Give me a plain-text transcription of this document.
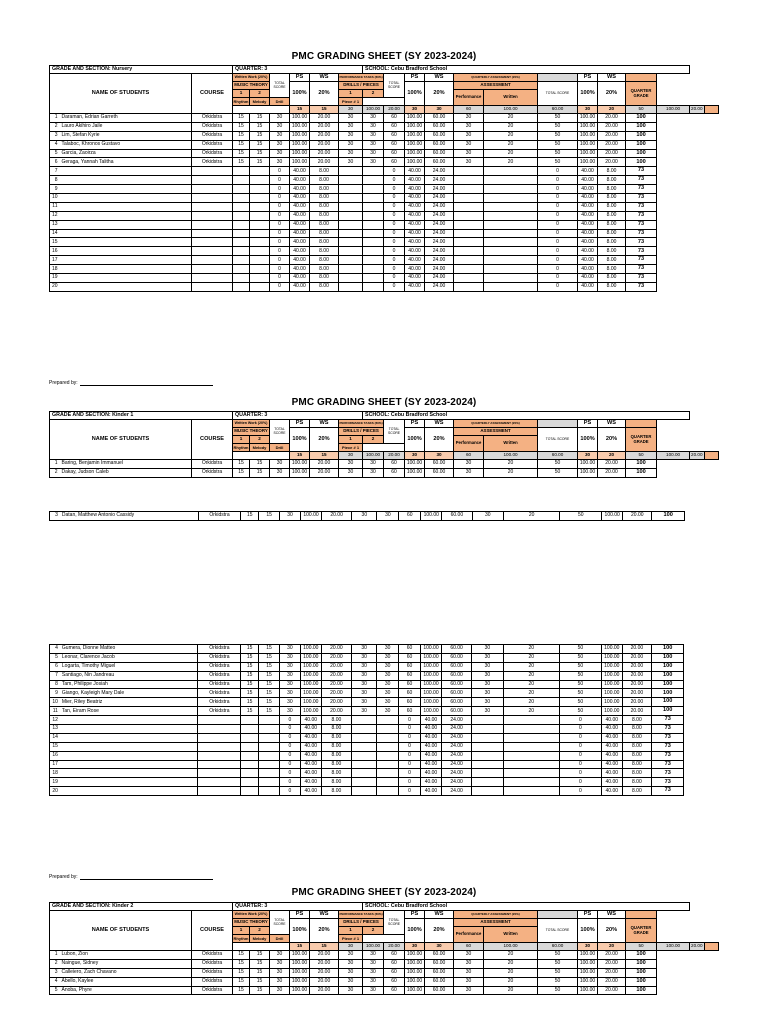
PMC GRADING SHEET (SY 2023-2024)
GRADE AND SECTION: Nursery			QUARTER: 3						SCHOOL: Cebu Bradford School												
NAME OF STUDENTS		COURSE	Written Work (20%)		TOTAL SCORE	PS	WS	PERFORMANCE TASKS (60%)		TOTAL SCORE	PS	WS	QUARTERLY ASSESSMENT (20%)			PS	WS				
			MUSIC THEORY			100%	20%	DRILLS / PIECES			100%	20%	ASSESSMENT		TOTAL SCORE	100%	20%	QUARTER GRADE			
			1	2				1	2				Performance	Written							
			Rhythm	Melody	Drill			Piece # 1													
						15	15	30	100.00	20.00	30	30	60	100.00	60.00	30	20	50	100.00	20.00	
1	Daraman, Edrian Garreth	Orkidstra	15	15	30	100.00	20.00	30	30	60	100.00	60.00	30	20	50	100.00	20.00	100			
2	Lauro Akihiro Jaile	Orkidstra	15	15	30	100.00	20.00	30	30	60	100.00	60.00	30	20	50	100.00	20.00	100			
3	Lim, Stefan Kyrie	Orkidstra	15	15	30	100.00	20.00	30	30	60	100.00	60.00	30	20	50	100.00	20.00	100			
4	Talaboc, Khronos Gustavo	Orkidstra	15	15	30	100.00	20.00	30	30	60	100.00	60.00	30	20	50	100.00	20.00	100			
5	Garcia, Zaoirza	Orkidstra	15	15	30	100.00	20.00	30	30	60	100.00	60.00	30	20	50	100.00	20.00	100			
6	Geraga, Yannah Talitha	Orkidstra	15	15	30	100.00	20.00	30	30	60	100.00	60.00	30	20	50	100.00	20.00	100			
7					0	40.00	8.00			0	40.00	24.00			0	40.00	8.00	73			
8					0	40.00	8.00			0	40.00	24.00			0	40.00	8.00	73			
9					0	40.00	8.00			0	40.00	24.00			0	40.00	8.00	73			
10					0	40.00	8.00			0	40.00	24.00			0	40.00	8.00	73			
11					0	40.00	8.00			0	40.00	24.00			0	40.00	8.00	73			
12					0	40.00	8.00			0	40.00	24.00			0	40.00	8.00	73			
13					0	40.00	8.00			0	40.00	24.00			0	40.00	8.00	73			
14					0	40.00	8.00			0	40.00	24.00			0	40.00	8.00	73			
15					0	40.00	8.00			0	40.00	24.00			0	40.00	8.00	73			
16					0	40.00	8.00			0	40.00	24.00			0	40.00	8.00	73			
17					0	40.00	8.00			0	40.00	24.00			0	40.00	8.00	73			
18					0	40.00	8.00			0	40.00	24.00			0	40.00	8.00	73			
19					0	40.00	8.00			0	40.00	24.00			0	40.00	8.00	73			
20					0	40.00	8.00			0	40.00	24.00			0	40.00	8.00	73			
Prepared by:
PMC GRADING SHEET (SY 2023-2024)
GRADE AND SECTION: Kinder 1			QUARTER: 3						SCHOOL: Cebu Bradford School												
NAME OF STUDENTS		COURSE	Written Work (20%)		TOTAL SCORE	PS	WS	PERFORMANCE TASKS (60%)		TOTAL SCORE	PS	WS	QUARTERLY ASSESSMENT (20%)			PS	WS				
			MUSIC THEORY			100%	20%	DRILLS / PIECES			100%	20%	ASSESSMENT		TOTAL SCORE	100%	20%	QUARTER GRADE			
			1	2				1	2				Performance	Written							
			Rhythm	Melody	Drill			Piece # 1													
						15	15	30	100.00	20.00	30	30	60	100.00	60.00	30	20	50	100.00	20.00	
1	Baring, Benjamin Immanuel	Orkidstra	15	15	30	100.00	20.00	30	30	60	100.00	60.00	30	20	50	100.00	20.00	100			
2	Dakay, Judson Caleb	Orkidstra	15	15	30	100.00	20.00	30	30	60	100.00	60.00	30	20	50	100.00	20.00	100			
3	Datan, Matthew Antonio Cassidy	Orkidstra	15	15	30	100.00	20.00	30	30	60	100.00	60.00	30	20	50	100.00	20.00	100
4	Gumera, Dionne Matteo	Orkidstra	15	15	30	100.00	20.00	30	30	60	100.00	60.00	30	20	50	100.00	20.00	100
5	Leonar, Clarence Jacob	Orkidstra	15	15	30	100.00	20.00	30	30	60	100.00	60.00	30	20	50	100.00	20.00	100
6	Logarta, Timothy Miguel	Orkidstra	15	15	30	100.00	20.00	30	30	60	100.00	60.00	30	20	50	100.00	20.00	100
7	Santiago, Nin Jandreau	Orkidstra	15	15	30	100.00	20.00	30	30	60	100.00	60.00	30	20	50	100.00	20.00	100
8	Tam, Philippe Josiah	Orkidstra	15	15	30	100.00	20.00	30	30	60	100.00	60.00	30	20	50	100.00	20.00	100
9	Giango, Kayleigh Mary Dale	Orkidstra	15	15	30	100.00	20.00	30	30	60	100.00	60.00	30	20	50	100.00	20.00	100
10	Mier, Riley Beatriz	Orkidstra	15	15	30	100.00	20.00	30	30	60	100.00	60.00	30	20	50	100.00	20.00	100
11	Tan, Eiram Rose	Orkidstra	15	15	30	100.00	20.00	30	30	60	100.00	60.00	30	20	50	100.00	20.00	100
12					0	40.00	8.00			0	40.00	24.00			0	40.00	8.00	73
13					0	40.00	8.00			0	40.00	24.00			0	40.00	8.00	73
14					0	40.00	8.00			0	40.00	24.00			0	40.00	8.00	73
15					0	40.00	8.00			0	40.00	24.00			0	40.00	8.00	73
16					0	40.00	8.00			0	40.00	24.00			0	40.00	8.00	73
17					0	40.00	8.00			0	40.00	24.00			0	40.00	8.00	73
18					0	40.00	8.00			0	40.00	24.00			0	40.00	8.00	73
19					0	40.00	8.00			0	40.00	24.00			0	40.00	8.00	73
20					0	40.00	8.00			0	40.00	24.00			0	40.00	8.00	73
Prepared by:
PMC GRADING SHEET (SY 2023-2024)
GRADE AND SECTION: Kinder 2			QUARTER: 3						SCHOOL: Cebu Bradford School												
NAME OF STUDENTS		COURSE	Written Work (20%)		TOTAL SCORE	PS	WS	PERFORMANCE TASKS (60%)		TOTAL SCORE	PS	WS	QUARTERLY ASSESSMENT (20%)			PS	WS				
			MUSIC THEORY			100%	20%	DRILLS / PIECES			100%	20%	ASSESSMENT		TOTAL SCORE	100%	20%	QUARTER GRADE			
			1	2				1	2				Performance	Written							
			Rhythm	Melody	Drill			Piece # 1													
						15	15	30	100.00	20.00	30	30	60	100.00	60.00	30	20	50	100.00	20.00	
1	Lubon, Zion	Orkidstra	15	15	30	100.00	20.00	30	30	60	100.00	60.00	30	20	50	100.00	20.00	100			
2	Naingue, Sidney	Orkidstra	15	15	30	100.00	20.00	30	30	60	100.00	60.00	30	20	50	100.00	20.00	100			
3	Calleiero, Zach Chavano	Orkidstra	15	15	30	100.00	20.00	30	30	60	100.00	60.00	30	20	50	100.00	20.00	100			
4	Abello, Kaylee	Orkidstra	15	15	30	100.00	20.00	30	30	60	100.00	60.00	30	20	50	100.00	20.00	100			
5	Anoba, Phyre	Orkidstra	15	15	30	100.00	20.00	30	30	60	100.00	60.00	30	20	50	100.00	20.00	100			
